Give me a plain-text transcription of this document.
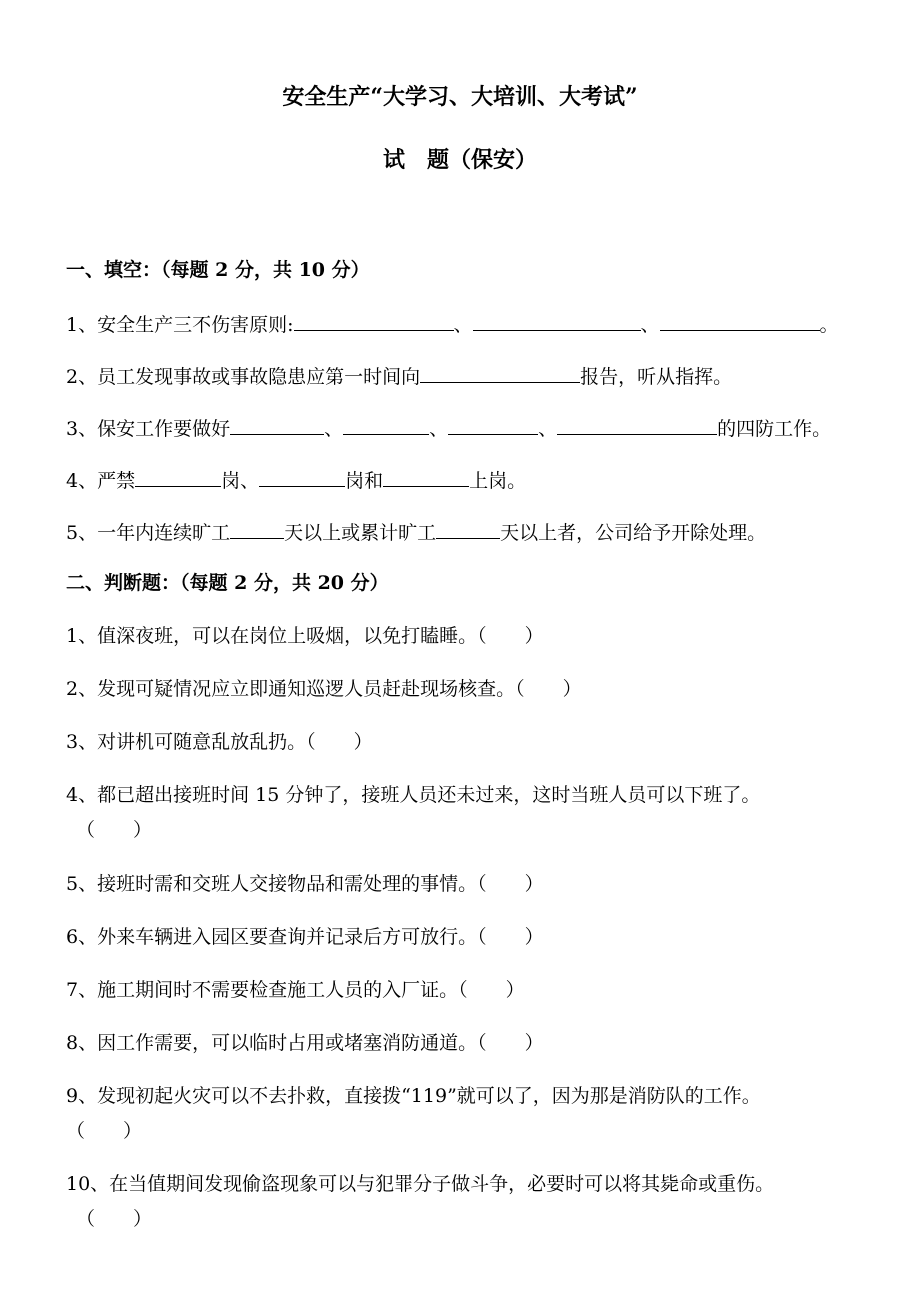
安全生产“大学习、大培训、大考试”
试　题（保安）
一、填空：（每题 2 分，共 10 分）
1、安全生产三不伤害原则:	、	、	。
2、员工发现事故或事故隐患应第一时间向	报告，听从指挥。
3、保安工作要做好	、	、	、	的四防工作。
4、严禁	岗、	岗和	上岗。
5、一年内连续旷工	天以上或累计旷工	天以上者，公司给予开除处理。
二、判断题：（每题 2 分，共 20 分）
1、值深夜班，可以在岗位上吸烟，以免打瞌睡。（　　）
2、发现可疑情况应立即通知巡逻人员赶赴现场核查。（　　）
3、对讲机可随意乱放乱扔。（　　）
4、都已超出接班时间 15 分钟了，接班人员还未过来，这时当班人员可以下班了。
（　　）
5、接班时需和交班人交接物品和需处理的事情。（　　）
6、外来车辆进入园区要查询并记录后方可放行。（　　）
7、施工期间时不需要检查施工人员的入厂证。（　　）
8、因工作需要，可以临时占用或堵塞消防通道。（　　）
9、发现初起火灾可以不去扑救，直接拨“119”就可以了，因为那是消防队的工作。
（　　）
10、在当值期间发现偷盗现象可以与犯罪分子做斗争，必要时可以将其毙命或重伤。
（　　）
